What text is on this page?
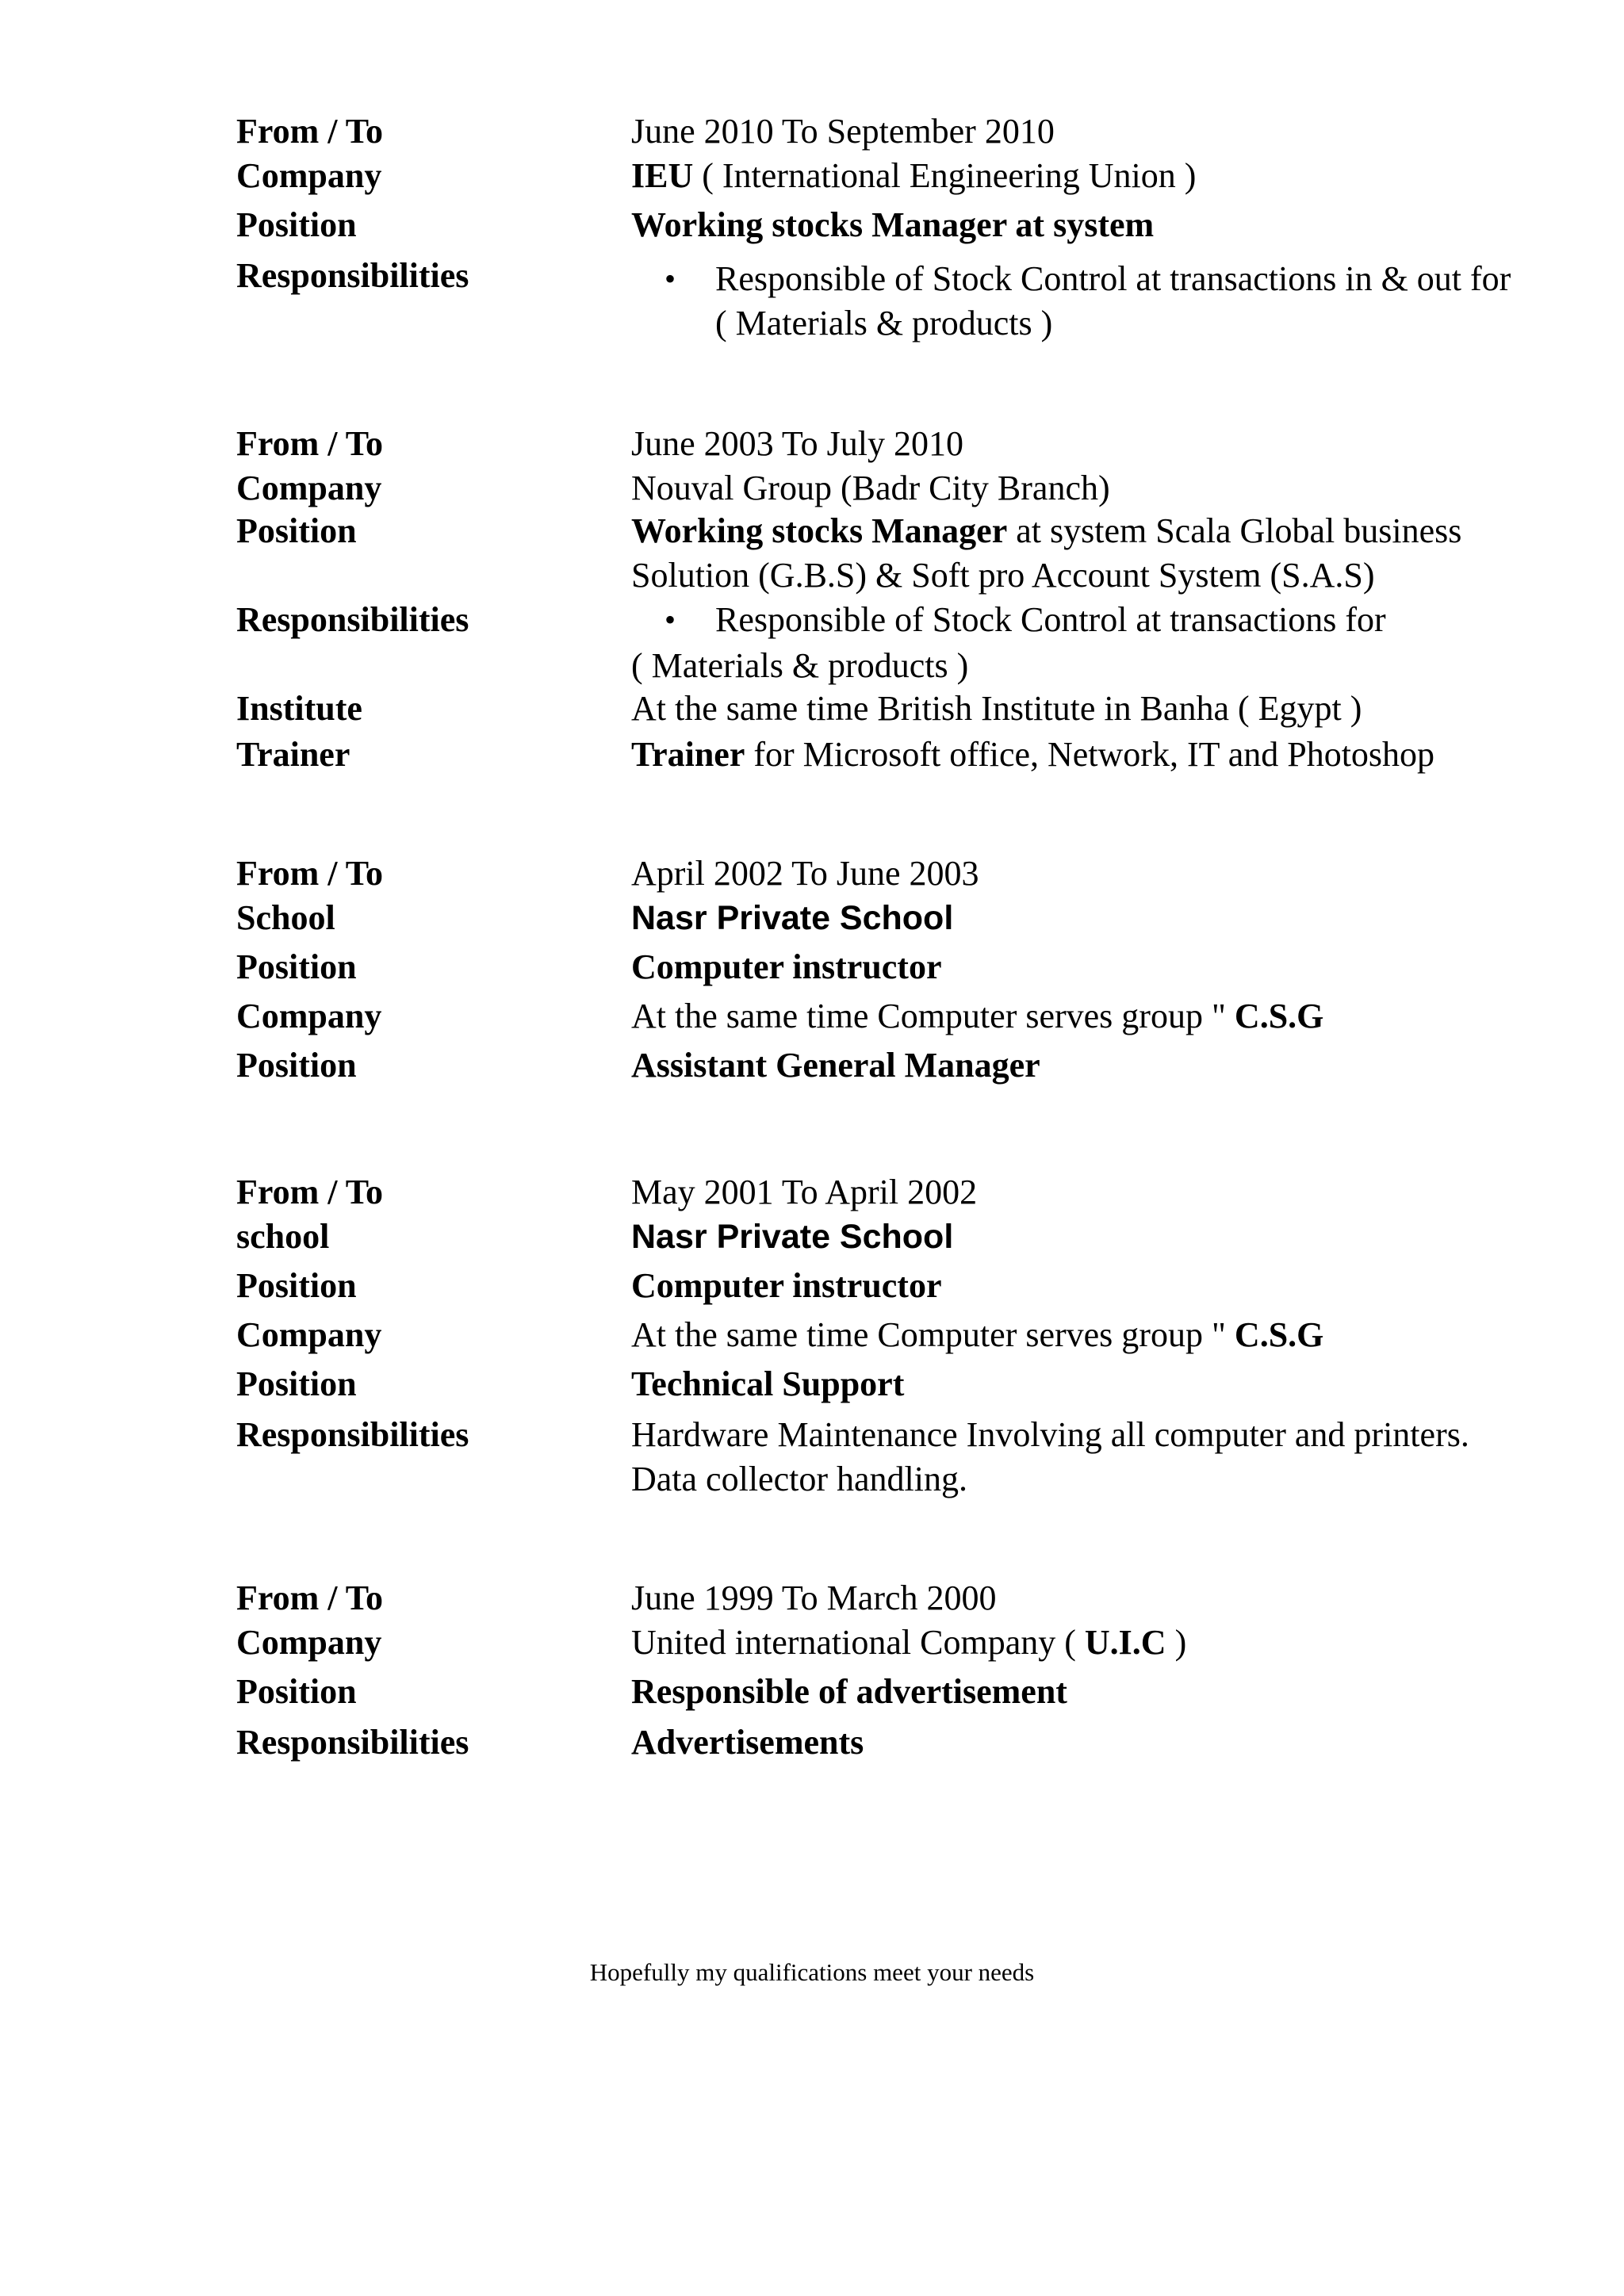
From / To	June 2010 To September 2010
Company	IEU ( International Engineering Union )
Position	Working stocks Manager at system
Responsibilities	• Responsible of Stock Control at transactions in & out for
( Materials & products )
From / To	June 2003 To July 2010
Company	Nouval Group (Badr City Branch)
Position	Working stocks Manager at system Scala Global business
Solution (G.B.S) & Soft pro Account System (S.A.S)
Responsibilities	• Responsible of Stock Control at transactions for
( Materials & products )
Institute	At the same time British Institute in Banha ( Egypt )
Trainer	Trainer for Microsoft office, Network, IT and Photoshop
From / To	April 2002 To June 2003
School	Nasr Private School
Position	Computer instructor
Company	At the same time Computer serves group " C.S.G
Position	Assistant General Manager
From / To	May 2001 To April 2002
school	Nasr Private School
Position	Computer instructor
Company	At the same time Computer serves group " C.S.G
Position	Technical Support
Responsibilities	Hardware Maintenance Involving all computer and printers.
Data collector handling.
From / To	June 1999 To March 2000
Company	United international Company ( U.I.C )
Position	Responsible of advertisement
Responsibilities	Advertisements
Hopefully my qualifications meet your needs
